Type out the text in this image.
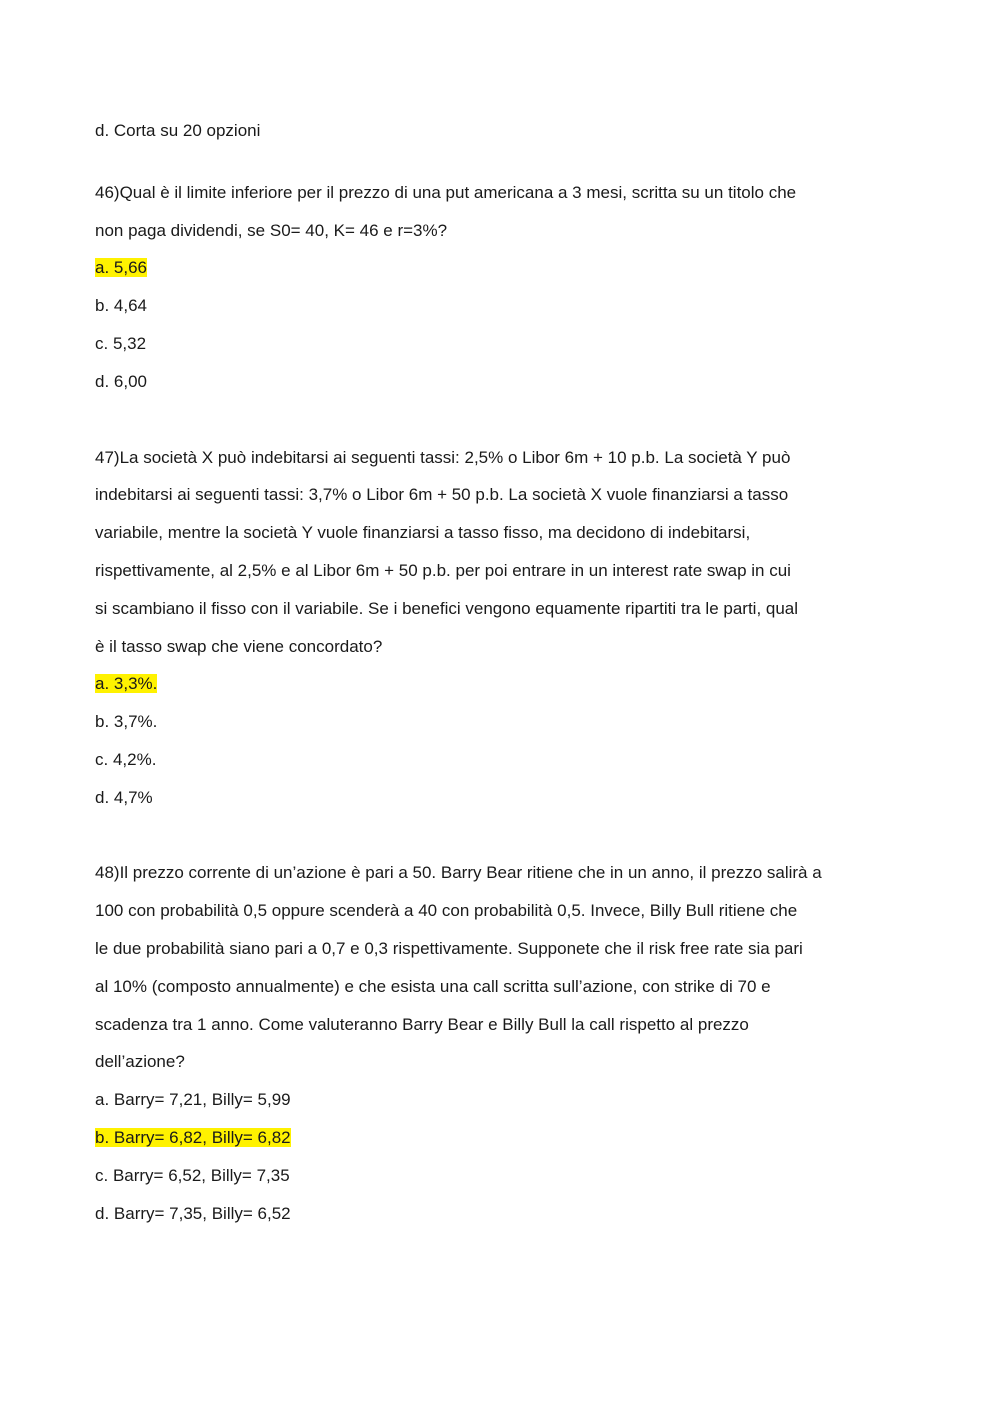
d. Corta su 20 opzioni
46)Qual è il limite inferiore per il prezzo di una put americana a 3 mesi, scritta su un titolo che
non paga dividendi, se S0= 40, K= 46 e r=3%?
a. 5,66
b. 4,64
c. 5,32
d. 6,00
47)La società X può indebitarsi ai seguenti tassi: 2,5% o Libor 6m + 10 p.b. La società Y può
indebitarsi ai seguenti tassi: 3,7% o Libor 6m + 50 p.b. La società X vuole finanziarsi a tasso
variabile, mentre la società Y vuole finanziarsi a tasso fisso, ma decidono di indebitarsi,
rispettivamente, al 2,5% e al Libor 6m + 50 p.b. per poi entrare in un interest rate swap in cui
si scambiano il fisso con il variabile. Se i benefici vengono equamente ripartiti tra le parti, qual
è il tasso swap che viene concordato?
a. 3,3%.
b. 3,7%.
c. 4,2%.
d. 4,7%
48)Il prezzo corrente di un’azione è pari a 50. Barry Bear ritiene che in un anno, il prezzo salirà a
100 con probabilità 0,5 oppure scenderà a 40 con probabilità 0,5. Invece, Billy Bull ritiene che
le due probabilità siano pari a 0,7 e 0,3 rispettivamente. Supponete che il risk free rate sia pari
al 10% (composto annualmente) e che esista una call scritta sull’azione, con strike di 70 e
scadenza tra 1 anno. Come valuteranno Barry Bear e Billy Bull la call rispetto al prezzo
dell’azione?
a. Barry= 7,21, Billy= 5,99
b. Barry= 6,82, Billy= 6,82
c. Barry= 6,52, Billy= 7,35
d. Barry= 7,35, Billy= 6,52
